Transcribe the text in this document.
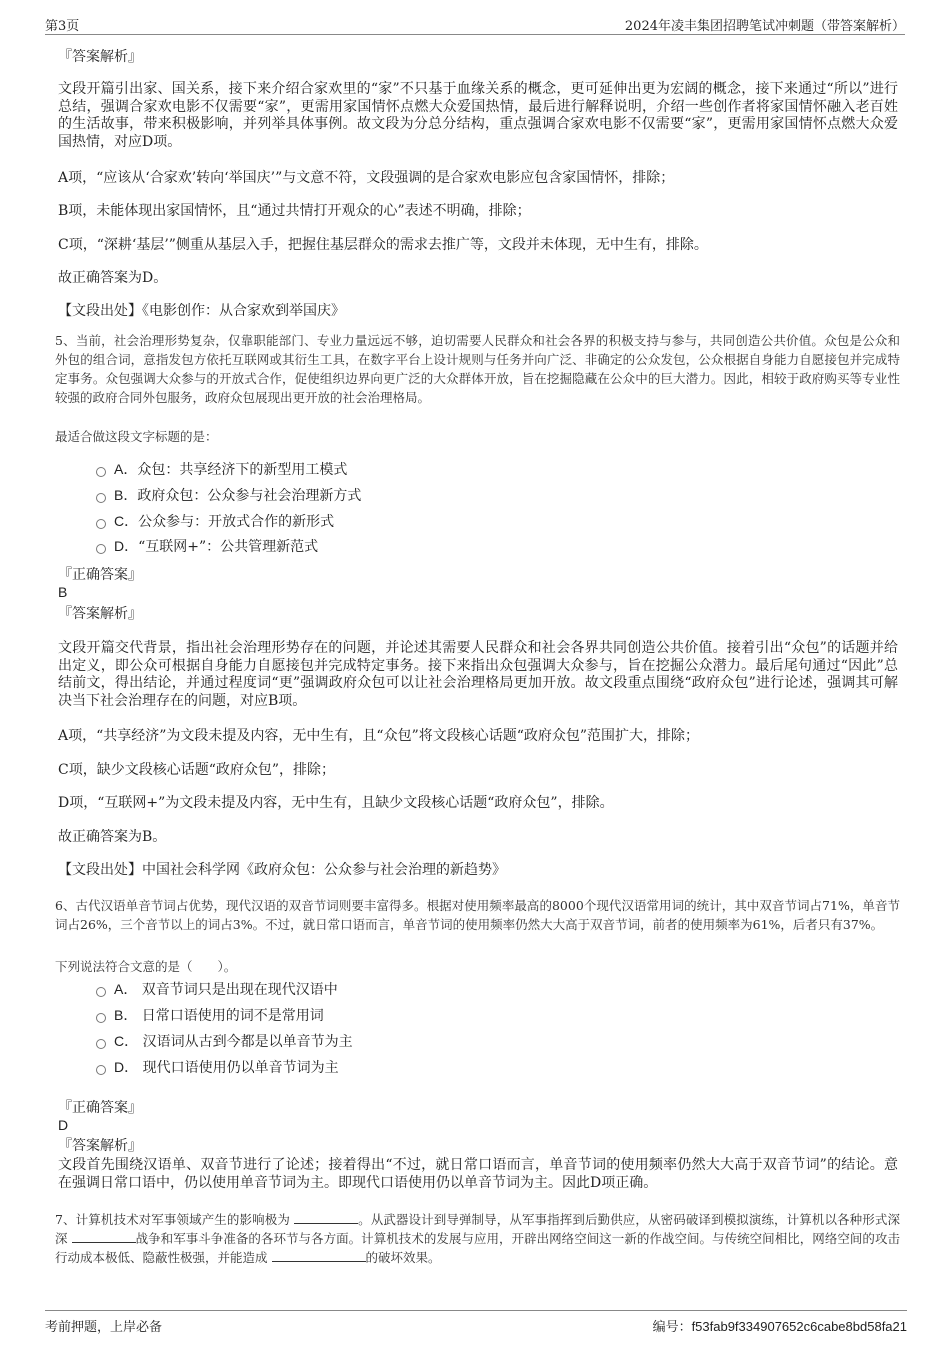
第3页	2024年凌丰集团招聘笔试冲刺题（带答案解析）
『答案解析』
文段开篇引出家、国关系，接下来介绍合家欢里的“家”不只基于血缘关系的概念，更可延伸出更为宏阔的概念，接下来通过“所以”进行总结，强调合家欢电影不仅需要“家”，更需用家国情怀点燃大众爱国热情，最后进行解释说明，介绍一些创作者将家国情怀融入老百姓的生活故事，带来积极影响，并列举具体事例。故文段为分总分结构，重点强调合家欢电影不仅需要“家”，更需用家国情怀点燃大众爱国热情，对应D项。
A项，“应该从‘合家欢’转向‘举国庆’”与文意不符，文段强调的是合家欢电影应包含家国情怀，排除；
B项，未能体现出家国情怀，且“通过共情打开观众的心”表述不明确，排除；
C项，“深耕‘基层’”侧重从基层入手，把握住基层群众的需求去推广等，文段并未体现，无中生有，排除。
故正确答案为D。
【文段出处】《电影创作：从合家欢到举国庆》
5、当前，社会治理形势复杂，仅靠职能部门、专业力量远远不够，迫切需要人民群众和社会各界的积极支持与参与，共同创造公共价值。众包是公众和外包的组合词，意指发包方依托互联网或其衍生工具，在数字平台上设计规则与任务并向广泛、非确定的公众发包，公众根据自身能力自愿接包并完成特定事务。众包强调大众参与的开放式合作，促使组织边界向更广泛的大众群体开放，旨在挖掘隐藏在公众中的巨大潜力。因此，相较于政府购买等专业性较强的政府合同外包服务，政府众包展现出更开放的社会治理格局。
最适合做这段文字标题的是：
A．众包：共享经济下的新型用工模式
B．政府众包：公众参与社会治理新方式
C．公众参与：开放式合作的新形式
D．“互联网+”：公共管理新范式
『正确答案』
B
『答案解析』
文段开篇交代背景，指出社会治理形势存在的问题，并论述其需要人民群众和社会各界共同创造公共价值。接着引出“众包”的话题并给出定义，即公众可根据自身能力自愿接包并完成特定事务。接下来指出众包强调大众参与，旨在挖掘公众潜力。最后尾句通过“因此”总结前文，得出结论，并通过程度词“更”强调政府众包可以让社会治理格局更加开放。故文段重点围绕“政府众包”进行论述，强调其可解决当下社会治理存在的问题，对应B项。
A项，“共享经济”为文段未提及内容，无中生有，且“众包”将文段核心话题“政府众包”范围扩大，排除；
C项，缺少文段核心话题“政府众包”，排除；
D项，“互联网+”为文段未提及内容，无中生有，且缺少文段核心话题“政府众包”，排除。
故正确答案为B。
【文段出处】中国社会科学网《政府众包：公众参与社会治理的新趋势》
6、古代汉语单音节词占优势，现代汉语的双音节词则要丰富得多。根据对使用频率最高的8000个现代汉语常用词的统计，其中双音节词占71%，单音节词占26%，三个音节以上的词占3%。不过，就日常口语而言，单音节词的使用频率仍然大大高于双音节词，前者的使用频率为61%，后者只有37%。
下列说法符合文意的是（　　）。
A． 双音节词只是出现在现代汉语中
B． 日常口语使用的词不是常用词
C． 汉语词从古到今都是以单音节为主
D． 现代口语使用仍以单音节词为主
『正确答案』
D
『答案解析』
文段首先围绕汉语单、双音节进行了论述；接着得出“不过，就日常口语而言，单音节词的使用频率仍然大大高于双音节词”的结论。意在强调日常口语中，仍以使用单音节词为主。即现代口语使用仍以单音节词为主。因此D项正确。
7、计算机技术对军事领域产生的影响极为	。从武器设计到导弹制导，从军事指挥到后勤供应，从密码破译到模拟演练，计算机以各种形式深深	战争和军事斗争准备的各环节与各方面。计算机技术的发展与应用，开辟出网络空间这一新的作战空间。与传统空间相比，网络空间的攻击行动成本极低、隐蔽性极强，并能造成	的破坏效果。
考前押题，上岸必备	编号：f53fab9f334907652c6cabe8bd58fa21
